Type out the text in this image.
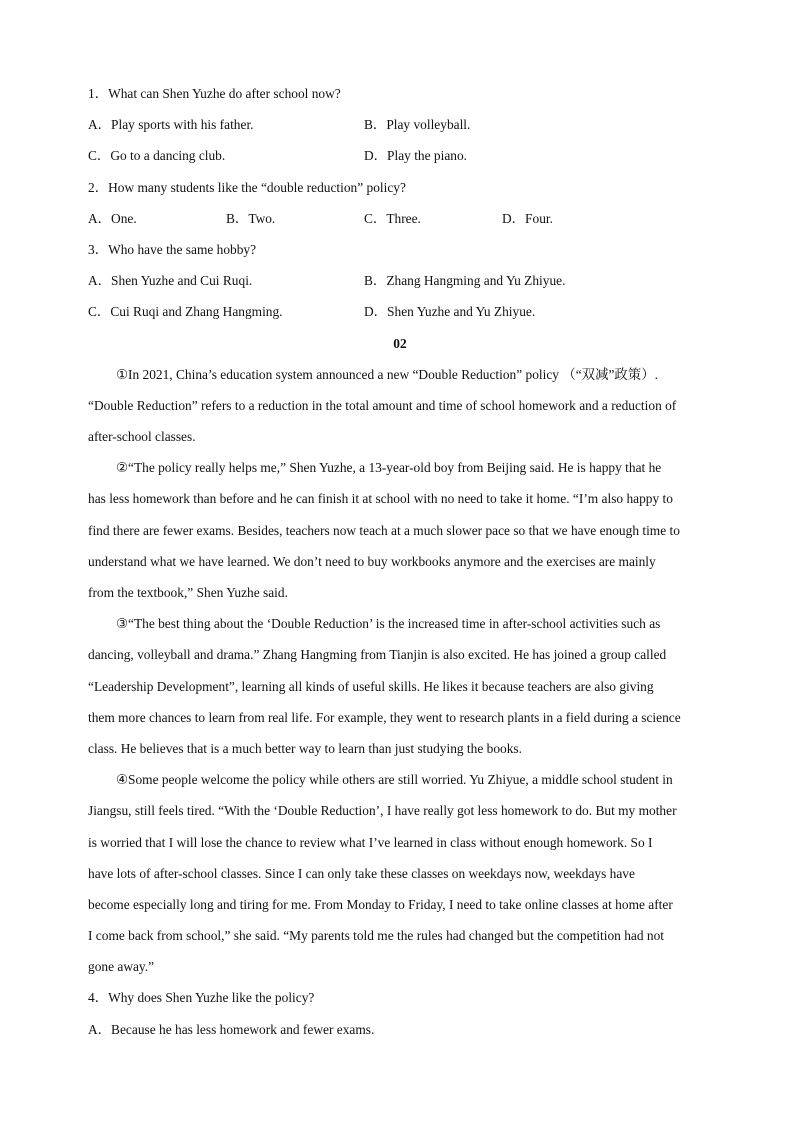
1．What can Shen Yuzhe do after school now?
A．Play sports with his father.	B．Play volleyball.
C．Go to a dancing club.	D．Play the piano.
2．How many students like the “double reduction” policy?
A．One.	B．Two.	C．Three.	D．Four.
3．Who have the same hobby?
A．Shen Yuzhe and Cui Ruqi.	B．Zhang Hangming and Yu Zhiyue.
C．Cui Ruqi and Zhang Hangming.	D．Shen Yuzhe and Yu Zhiyue.
02
①In 2021, China’s education system announced a new “Double Reduction” policy （“双减”政策）.
“Double Reduction” refers to a reduction in the total amount and time of school homework and a reduction of
after-school classes.
②“The policy really helps me,” Shen Yuzhe, a 13-year-old boy from Beijing said. He is happy that he
has less homework than before and he can finish it at school with no need to take it home. “I’m also happy to
find there are fewer exams. Besides, teachers now teach at a much slower pace so that we have enough time to
understand what we have learned. We don’t need to buy workbooks anymore and the exercises are mainly
from the textbook,” Shen Yuzhe said.
③“The best thing about the ‘Double Reduction’ is the increased time in after-school activities such as
dancing, volleyball and drama.” Zhang Hangming from Tianjin is also excited. He has joined a group called
“Leadership Development”, learning all kinds of useful skills. He likes it because teachers are also giving
them more chances to learn from real life. For example, they went to research plants in a field during a science
class. He believes that is a much better way to learn than just studying the books.
④Some people welcome the policy while others are still worried. Yu Zhiyue, a middle school student in
Jiangsu, still feels tired. “With the ‘Double Reduction’, I have really got less homework to do. But my mother
is worried that I will lose the chance to review what I’ve learned in class without enough homework. So I
have lots of after-school classes. Since I can only take these classes on weekdays now, weekdays have
become especially long and tiring for me. From Monday to Friday, I need to take online classes at home after
I come back from school,” she said. “My parents told me the rules had changed but the competition had not
gone away.”
4．Why does Shen Yuzhe like the policy?
A．Because he has less homework and fewer exams.
